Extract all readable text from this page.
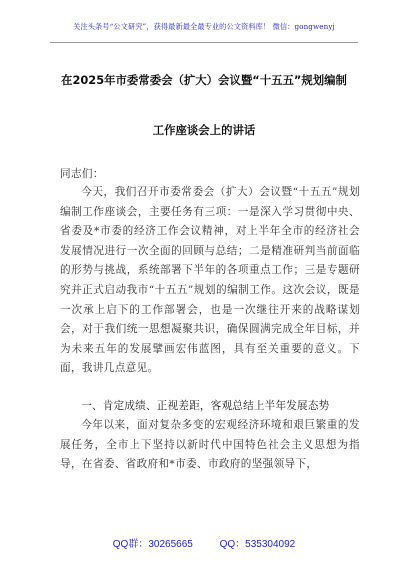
关注头条号“公文研究”，获得最新最全最专业的公文资料库！ 微信：gongwenyj
在2025年市委常委会（扩大）会议暨“十五五”规划编制
工作座谈会上的讲话
同志们：
今天，我们召开市委常委会（扩大）会议暨“十五五”规划编制工作座谈会，主要任务有三项：一是深入学习贯彻中央、省委及*市委的经济工作会议精神，对上半年全市的经济社会发展情况进行一次全面的回顾与总结；二是精准研判当前面临的形势与挑战，系统部署下半年的各项重点工作；三是专题研究并正式启动我市“十五五”规划的编制工作。这次会议，既是一次承上启下的工作部署会，也是一次继往开来的战略谋划会，对于我们统一思想凝聚共识，确保圆满完成全年目标，并为未来五年的发展擘画宏伟蓝图，具有至关重要的意义。下面，我讲几点意见。
一、肯定成绩、正视差距，客观总结上半年发展态势
今年以来，面对复杂多变的宏观经济环境和艰巨繁重的发展任务，全市上下坚持以新时代中国特色社会主义思想为指导，在省委、省政府和*市委、市政府的坚强领导下，
QQ群：30265665	QQ：535304092
